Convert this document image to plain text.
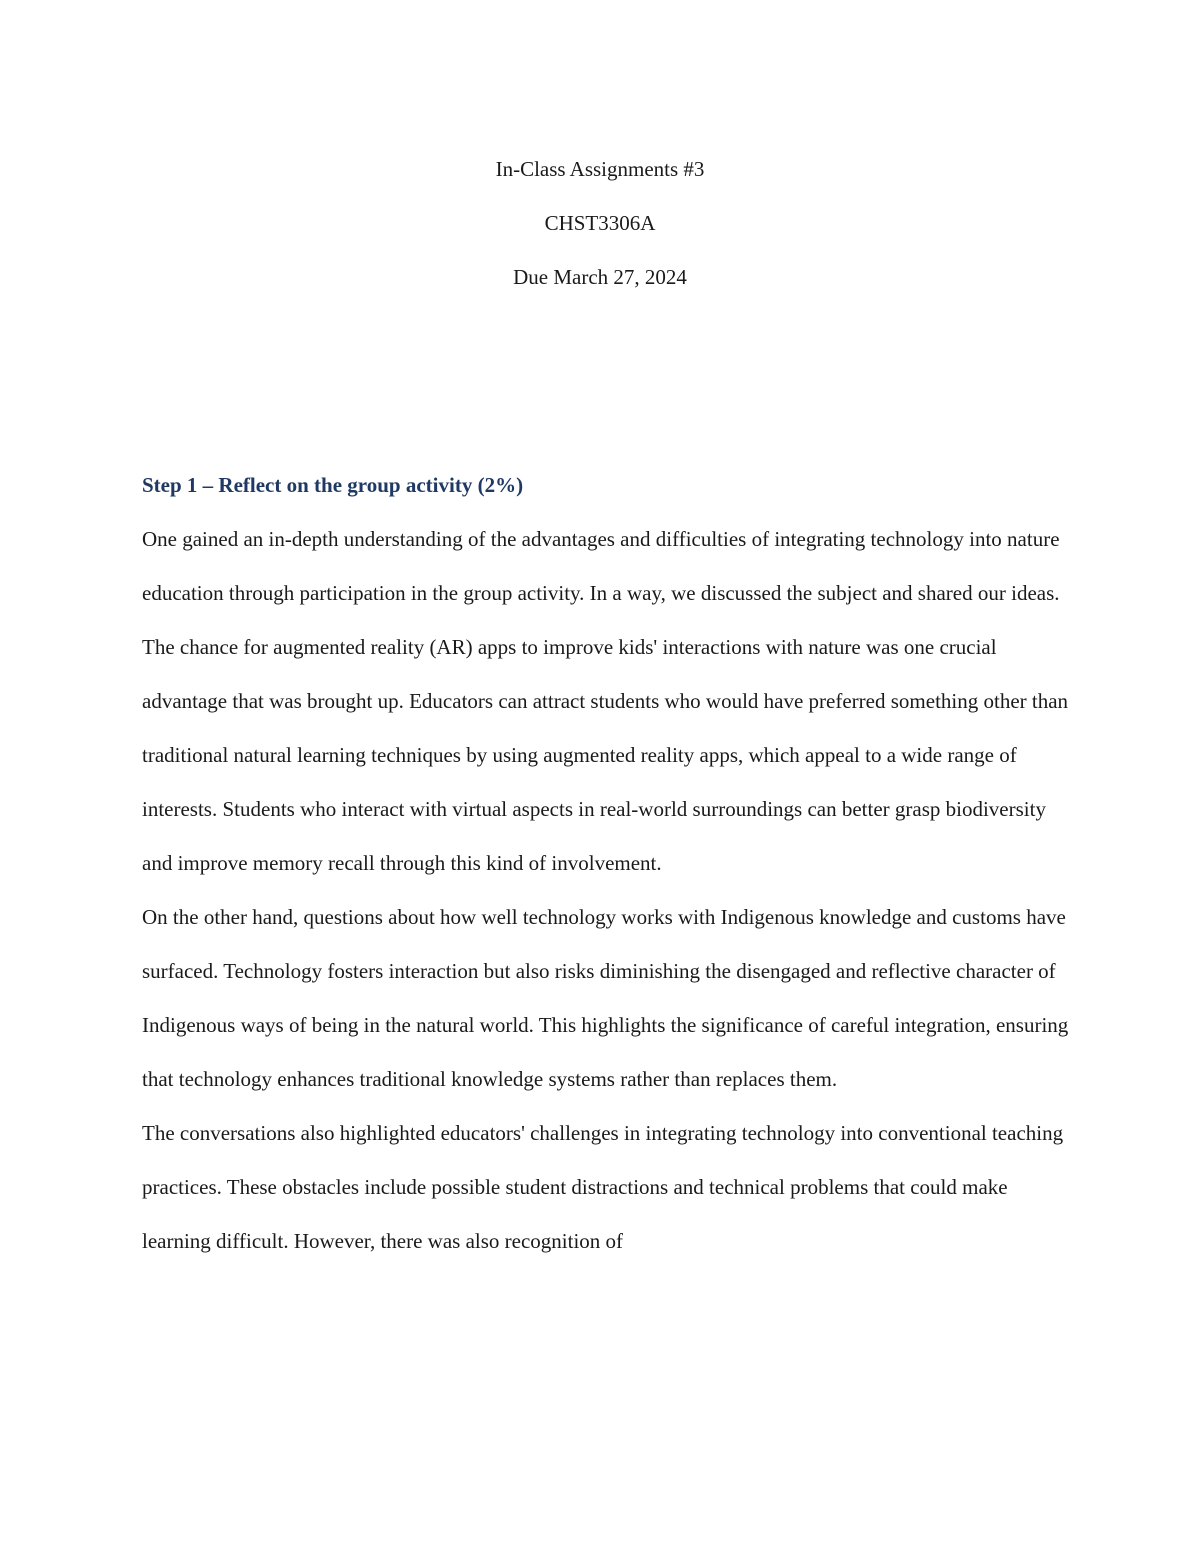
In-Class Assignments #3
CHST3306A
Due March 27, 2024
Step 1 – Reflect on the group activity (2%)
One gained an in-depth understanding of the advantages and difficulties of integrating technology into nature education through participation in the group activity. In a way, we discussed the subject and shared our ideas. The chance for augmented reality (AR) apps to improve kids' interactions with nature was one crucial advantage that was brought up. Educators can attract students who would have preferred something other than traditional natural learning techniques by using augmented reality apps, which appeal to a wide range of interests. Students who interact with virtual aspects in real-world surroundings can better grasp biodiversity and improve memory recall through this kind of involvement.
On the other hand, questions about how well technology works with Indigenous knowledge and customs have surfaced. Technology fosters interaction but also risks diminishing the disengaged and reflective character of Indigenous ways of being in the natural world. This highlights the significance of careful integration, ensuring that technology enhances traditional knowledge systems rather than replaces them.
The conversations also highlighted educators' challenges in integrating technology into conventional teaching practices. These obstacles include possible student distractions and technical problems that could make learning difficult. However, there was also recognition of
